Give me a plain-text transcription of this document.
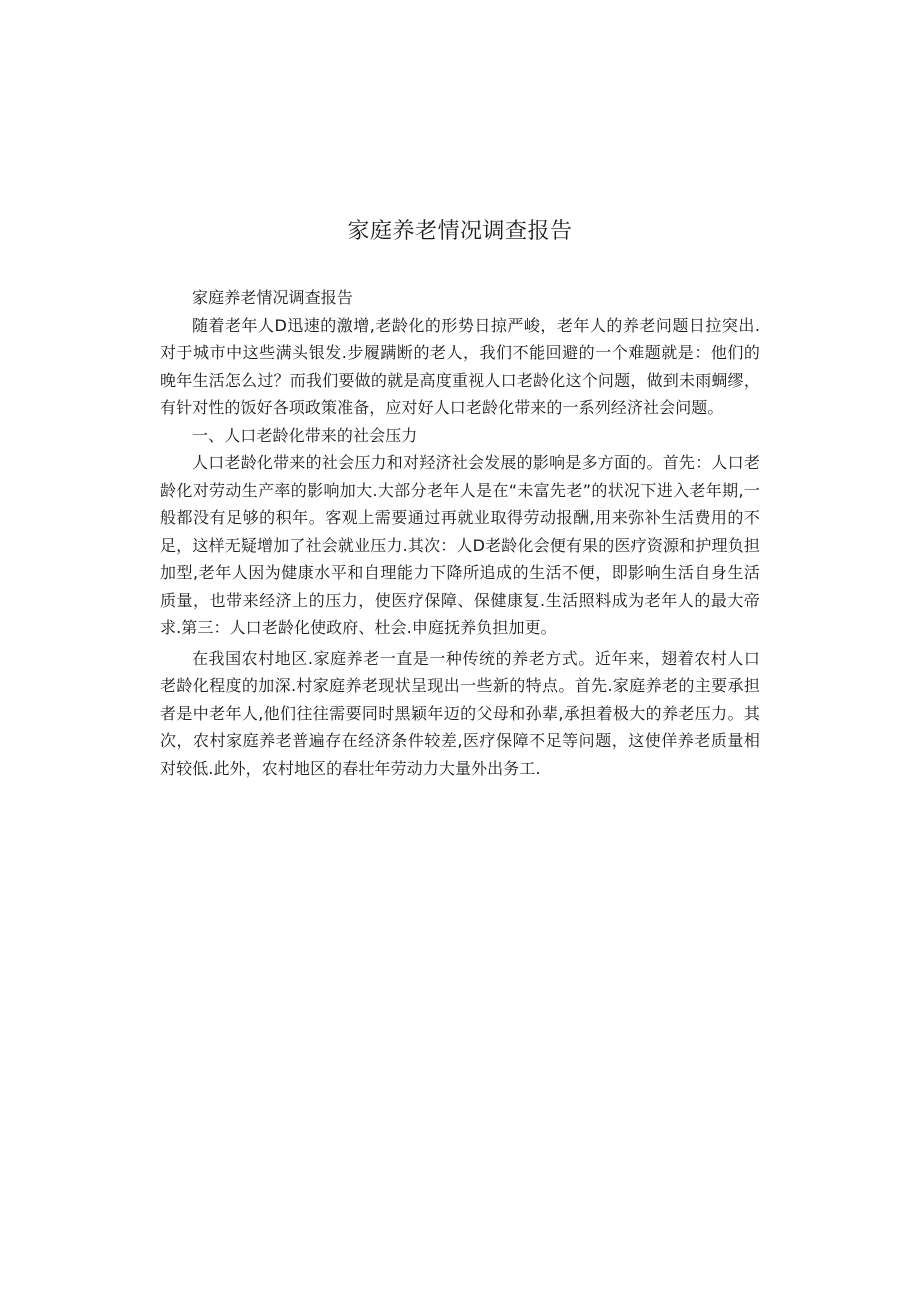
家庭养老情况调查报告

家庭养老情况调查报告

随着老年人D迅速的激增,老龄化的形势日掠严峻，老年人的养老问题日拉突出.对于城市中这些满头银发.步履蹒断的老人，我们不能回避的一个难题就是：他们的晚年生活怎么过？而我们要做的就是高度重视人口老龄化这个问题，做到未雨蜩缪，有针对性的饭好各项政策准备，应对好人口老龄化带来的一系列经济社会问题。

一、人口老龄化带来的社会压力

人口老龄化带来的社会压力和对羟济社会发展的影响是多方面的。首先：人口老龄化对劳动生产率的影响加大.大部分老年人是在“未富先老”的状况下进入老年期,一般都没有足够的积年。客观上需要通过再就业取得劳动报酬,用来弥补生活费用的不足，这样无疑增加了社会就业压力.其次：人D老龄化会便有果的医疗资源和护理负担加型,老年人因为健康水平和自理能力下降所追成的生活不便，即影响生活自身生活质量，也带来经济上的压力，使医疗保障、保健康复.生活照料成为老年人的最大帝求.第三：人口老龄化使政府、杜会.申庭抚养负担加更。

在我国农村地区.家庭养老一直是一种传统的养老方式。近年来，翅着农村人口老龄化程度的加深.村家庭养老现状呈现出一些新的特点。首先.家庭养老的主要承担者是中老年人,他们往往需要同时黑颖年迈的父母和孙辈,承担着极大的养老压力。其次，农村家庭养老普遍存在经济条件较差,医疗保障不足等问题，这使佯养老质量相对较低.此外，农村地区的春壮年劳动力大量外出务工.
